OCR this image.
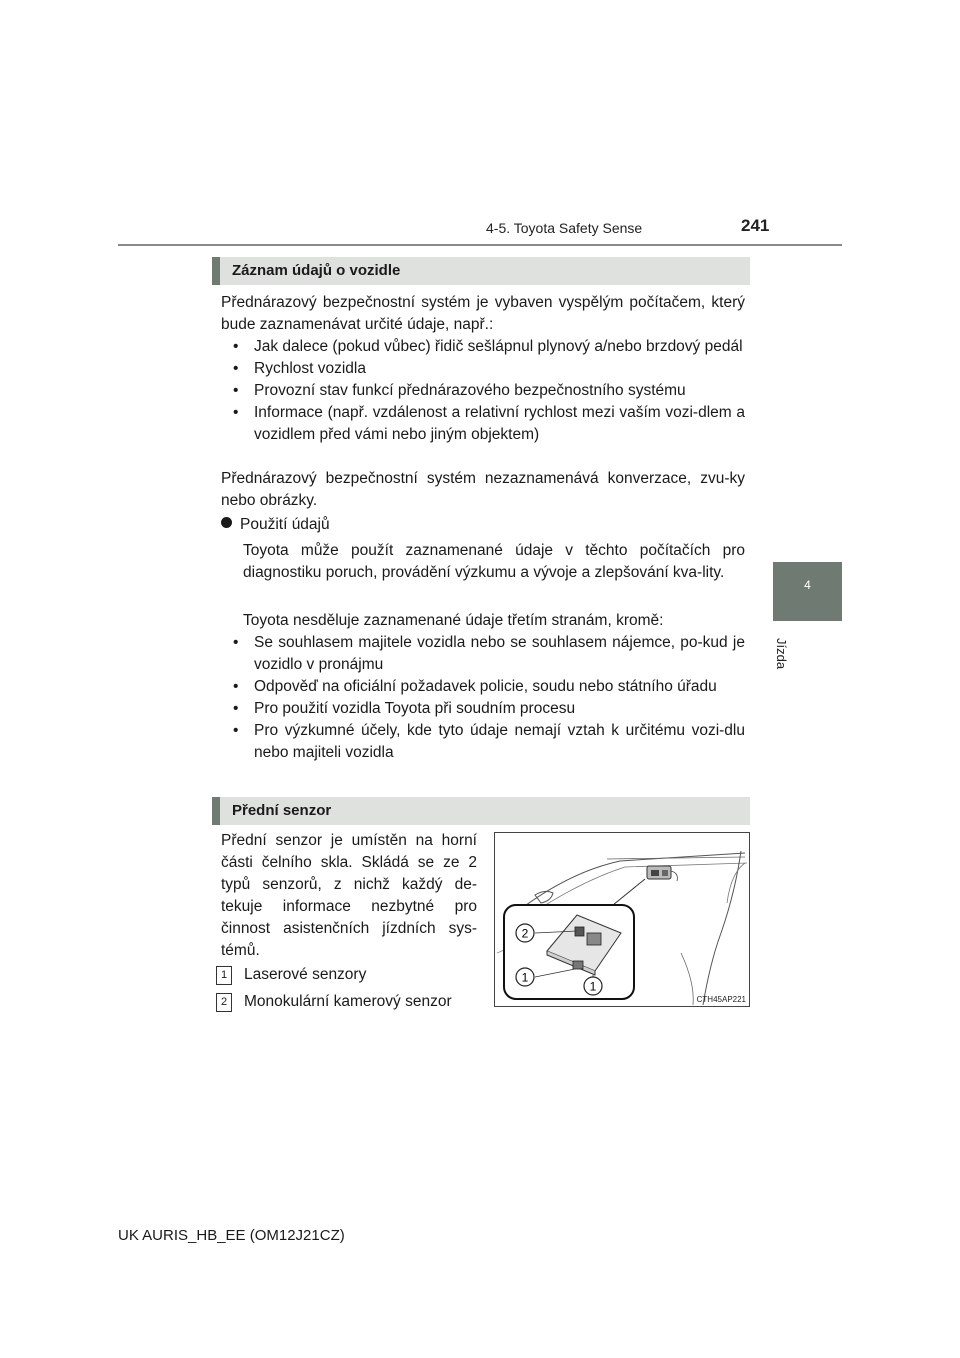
4-5. Toyota Safety Sense	241
4
Jízda
Záznam údajů o vozidle

Přednárazový bezpečnostní systém je vybaven vyspělým počítačem, který bude zaznamenávat určité údaje, např.:

• Jak dalece (pokud vůbec) řidič sešlápnul plynový a/nebo brzdový pedál
• Rychlost vozidla
• Provozní stav funkcí přednárazového bezpečnostního systému
• Informace (např. vzdálenost a relativní rychlost mezi vaším vozi-dlem a vozidlem před vámi nebo jiným objektem)

Přednárazový bezpečnostní systém nezaznamenává konverzace, zvu-ky nebo obrázky.

Použití údajů

Toyota může použít zaznamenané údaje v těchto počítačích pro diagnostiku poruch, provádění výzkumu a vývoje a zlepšování kva-lity.

Toyota nesděluje zaznamenané údaje třetím stranám, kromě:

• Se souhlasem majitele vozidla nebo se souhlasem nájemce, po-kud je vozidlo v pronájmu
• Odpověď na oficiální požadavek policie, soudu nebo státního úřadu
• Pro použití vozidla Toyota při soudním procesu
• Pro výzkumné účely, kde tyto údaje nemají vztah k určitému vozi-dlu nebo majiteli vozidla
Přední senzor

Přední senzor je umístěn na horní části čelního skla. Skládá se ze 2 typů senzorů, z nichž každý de-tekuje informace nezbytné pro činnost asistenčních jízdních sys-témů.

1 Laserové senzory
2 Monokulární kamerový senzor
2
1
1
CTH45AP221
UK AURIS_HB_EE (OM12J21CZ)
